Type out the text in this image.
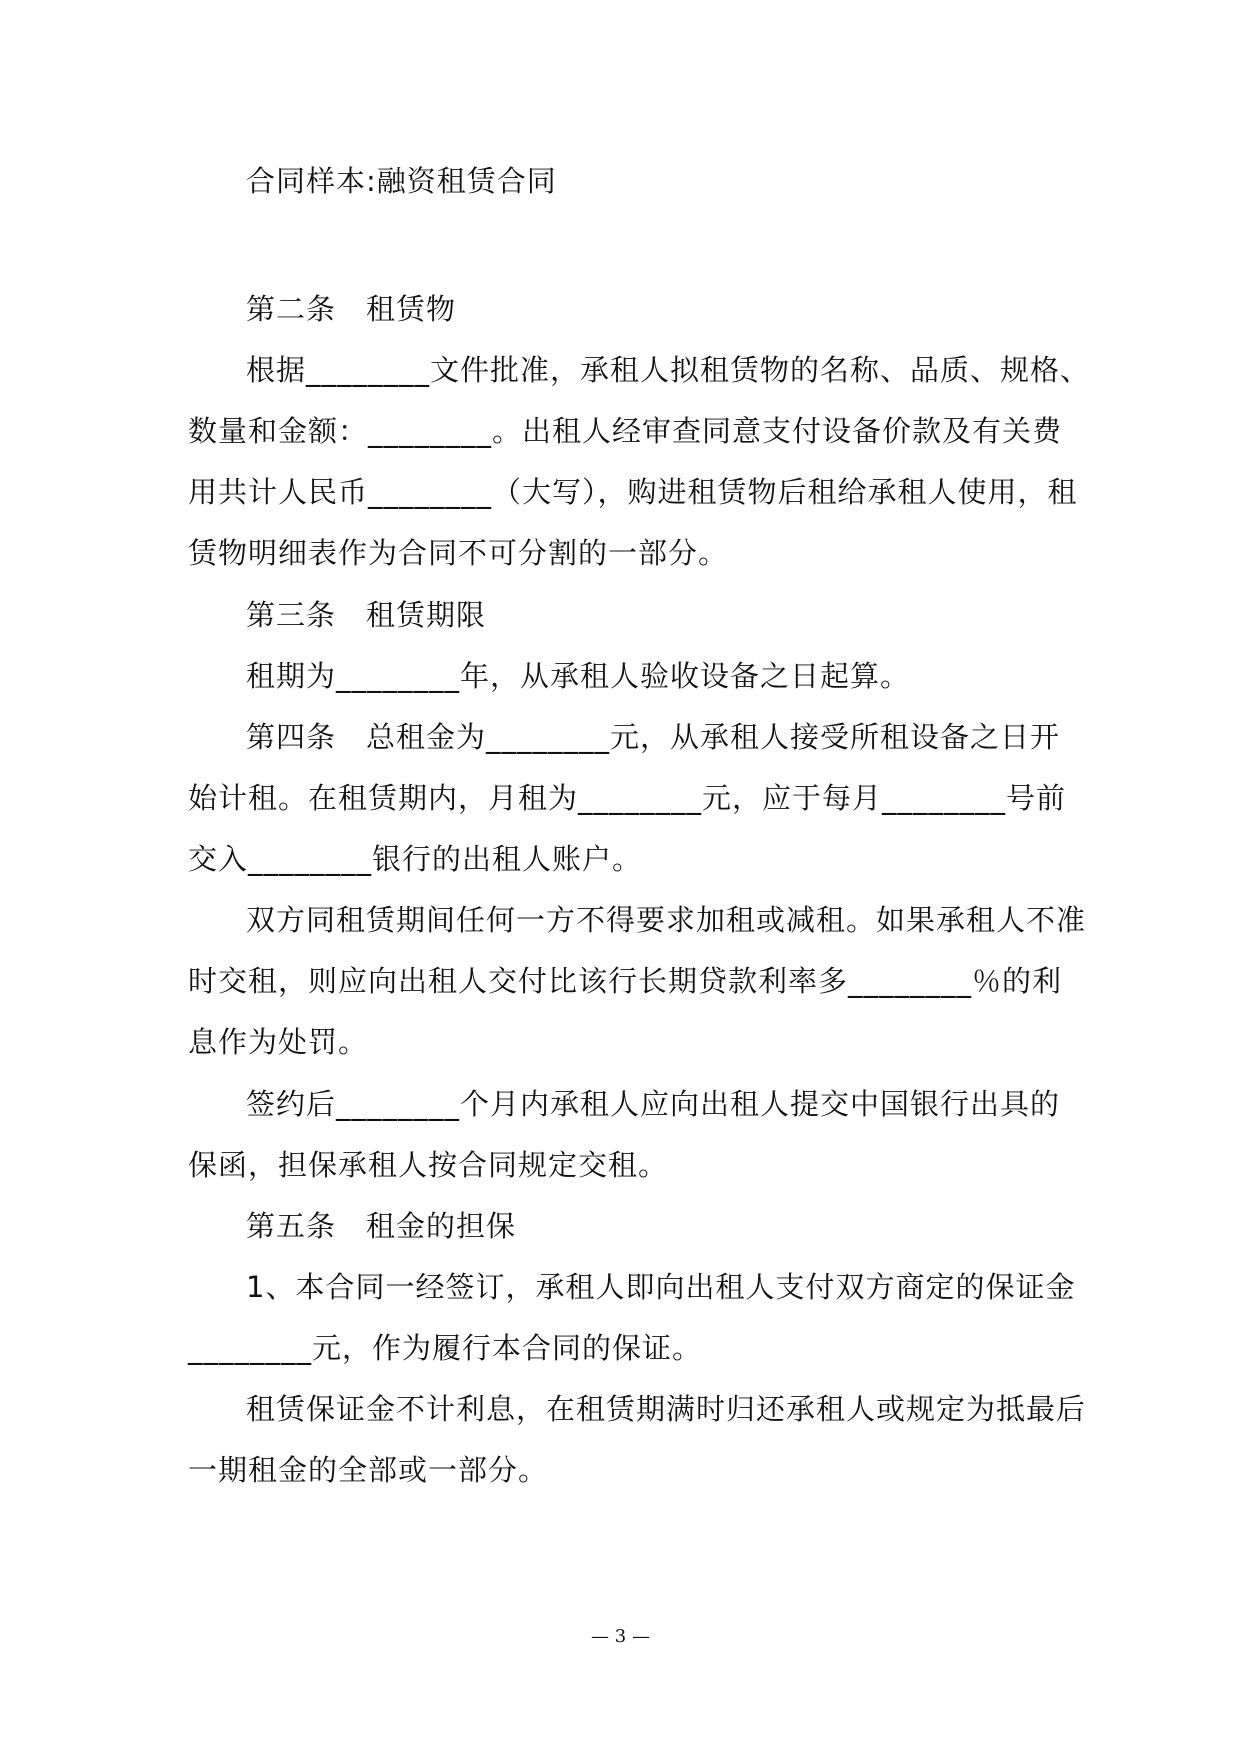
合同样本:融资租赁合同
第二条　租赁物
根据________文件批准，承租人拟租赁物的名称、品质、规格、
数量和金额：________。出租人经审查同意支付设备价款及有关费
用共计人民币________（大写），购进租赁物后租给承租人使用，租
赁物明细表作为合同不可分割的一部分。
第三条　租赁期限
租期为________年，从承租人验收设备之日起算。
第四条　总租金为________元，从承租人接受所租设备之日开
始计租。在租赁期内，月租为________元，应于每月________号前
交入________银行的出租人账户。
双方同租赁期间任何一方不得要求加租或减租。如果承租人不准
时交租，则应向出租人交付比该行长期贷款利率多________％的利
息作为处罚。
签约后________个月内承租人应向出租人提交中国银行出具的
保函，担保承租人按合同规定交租。
第五条　租金的担保
1、本合同一经签订，承租人即向出租人支付双方商定的保证金
________元，作为履行本合同的保证。
租赁保证金不计利息，在租赁期满时归还承租人或规定为抵最后
一期租金的全部或一部分。
— 3 —
